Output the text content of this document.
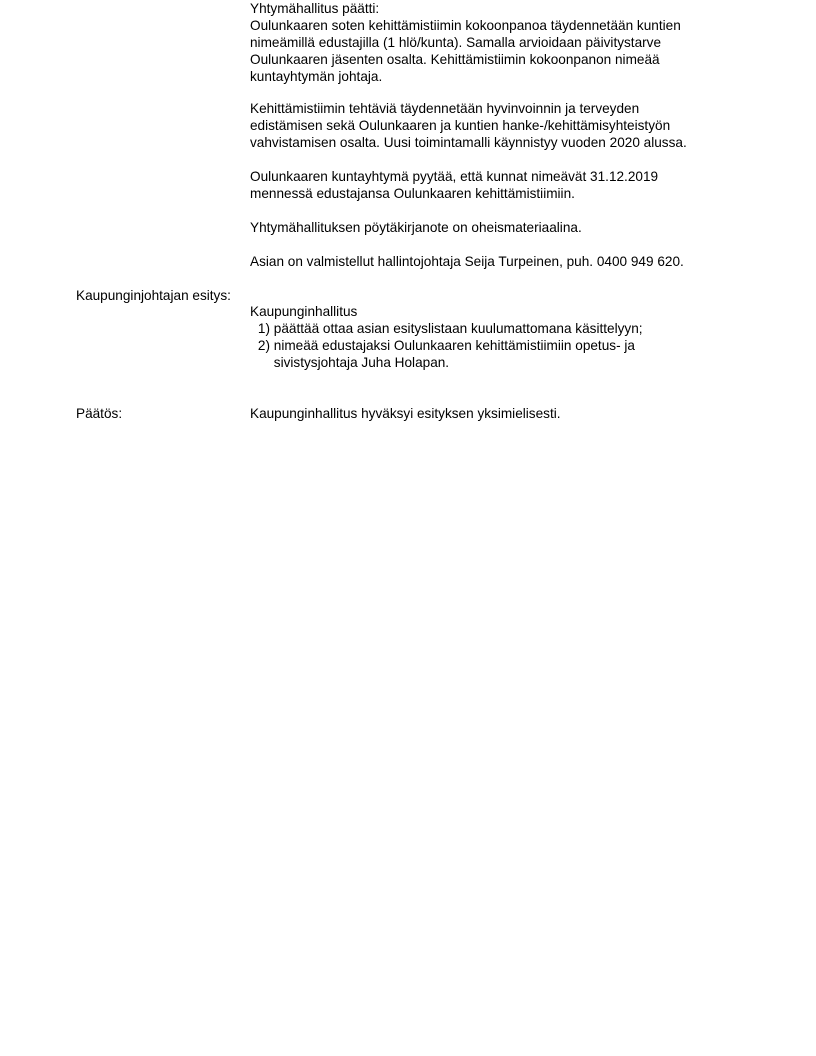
Yhtymähallitus päätti:
Oulunkaaren soten kehittämistiimin kokoonpanoa täydennetään kuntien
nimeämillä edustajilla (1 hlö/kunta). Samalla arvioidaan päivitystarve
Oulunkaaren jäsenten osalta. Kehittämistiimin kokoonpanon nimeää
kuntayhtymän johtaja.
Kehittämistiimin tehtäviä täydennetään hyvinvoinnin ja terveyden
edistämisen sekä Oulunkaaren ja kuntien hanke-/kehittämisyhteistyön
vahvistamisen osalta. Uusi toimintamalli käynnistyy vuoden 2020 alussa.
Oulunkaaren kuntayhtymä pyytää, että kunnat nimeävät 31.12.2019
mennessä edustajansa Oulunkaaren kehittämistiimiin.
Yhtymähallituksen pöytäkirjanote on oheismateriaalina.
Asian on valmistellut hallintojohtaja Seija Turpeinen, puh. 0400 949 620.
Kaupunginjohtajan esitys:
Kaupunginhallitus
1) päättää ottaa asian esityslistaan kuulumattomana käsittelyyn;
2) nimeää edustajaksi Oulunkaaren kehittämistiimiin opetus- ja
sivistysjohtaja Juha Holapan.
Päätös:	Kaupunginhallitus hyväksyi esityksen yksimielisesti.
